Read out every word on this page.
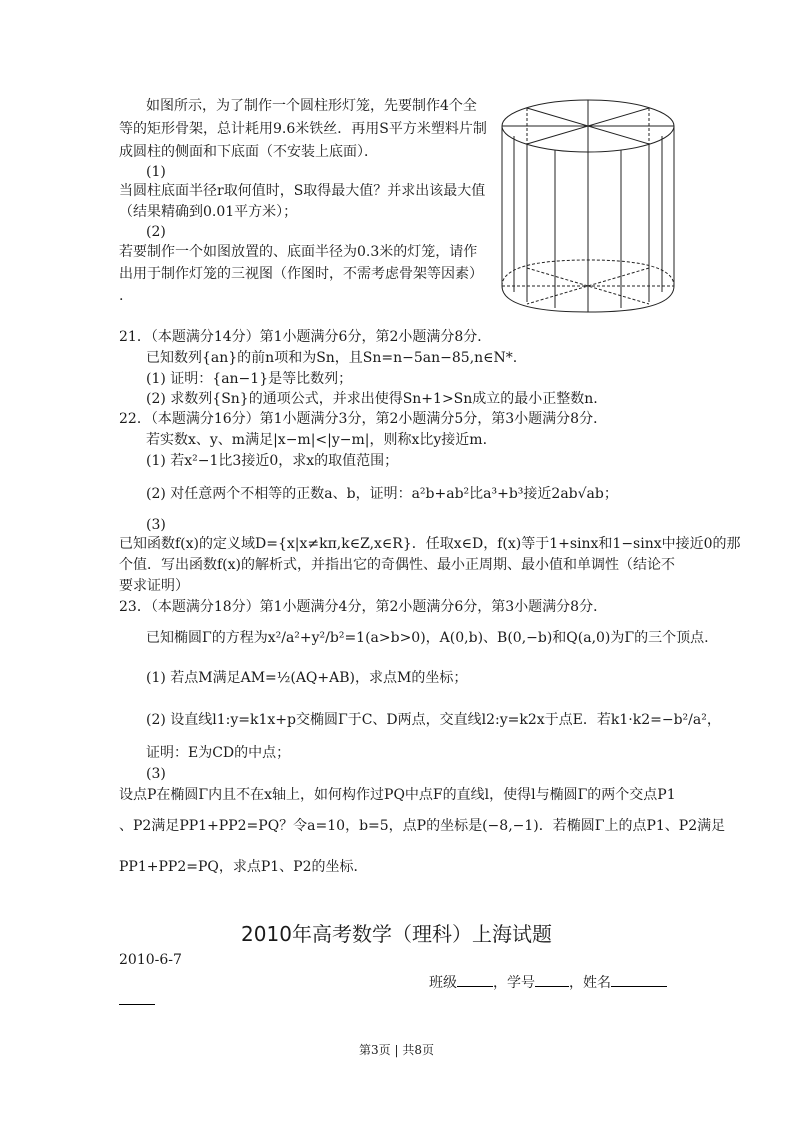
如图所示，为了制作一个圆柱形灯笼，先要制作4个全
等的矩形骨架，总计耗用9.6米铁丝．再用S平方米塑料片制
成圆柱的侧面和下底面（不安装上底面）．
(1)
当圆柱底面半径r取何值时，S取得最大值？并求出该最大值
（结果精确到0.01平方米）；
(2)
若要制作一个如图放置的、底面半径为0.3米的灯笼，请作
出用于制作灯笼的三视图（作图时，不需考虑骨架等因素）
.
21．（本题满分14分）第1小题满分6分，第2小题满分8分．
已知数列{an}的前n项和为Sn，且Sn=n−5an−85,n∈N*.
(1) 证明：{an−1}是等比数列；
(2) 求数列{Sn}的通项公式，并求出使得Sn+1>Sn成立的最小正整数n.
22．（本题满分16分）第1小题满分3分，第2小题满分5分，第3小题满分8分．
若实数x、y、m满足|x−m|<|y−m|，则称x比y接近m.
(1) 若x²−1比3接近0，求x的取值范围；
(2) 对任意两个不相等的正数a、b，证明：a²b+ab²比a³+b³接近2ab√ab；
(3)
已知函数f(x)的定义域D={x|x≠kπ,k∈Z,x∈R}．任取x∈D，f(x)等于1+sinx和1−sinx中接近0的那
个值．写出函数f(x)的解析式，并指出它的奇偶性、最小正周期、最小值和单调性（结论不
要求证明）
23．（本题满分18分）第1小题满分4分，第2小题满分6分，第3小题满分8分．
已知椭圆Γ的方程为x²/a²+y²/b²=1(a>b>0)，A(0,b)、B(0,−b)和Q(a,0)为Γ的三个顶点.
(1) 若点M满足AM=½(AQ+AB)，求点M的坐标；
(2) 设直线l1:y=k1x+p交椭圆Γ于C、D两点，交直线l2:y=k2x于点E．若k1·k2=−b²/a²，
证明：E为CD的中点；
(3)
设点P在椭圆Γ内且不在x轴上，如何构作过PQ中点F的直线l，使得l与椭圆Γ的两个交点P1
、P2满足PP1+PP2=PQ？令a=10，b=5，点P的坐标是(−8,−1)．若椭圆Γ上的点P1、P2满足
PP1+PP2=PQ，求点P1、P2的坐标．
2010年高考数学（理科）上海试题
2010-6-7
班级	，学号 ，姓名
第3页 | 共8页
